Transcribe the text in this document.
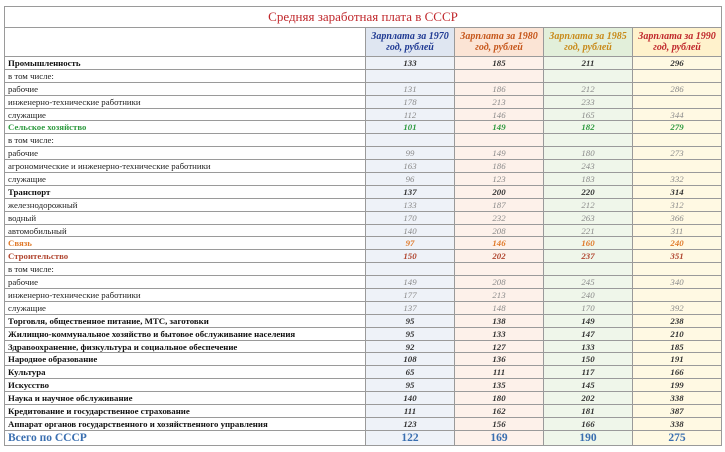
Средняя заработная плата в СССР				
	Зарплата за 1970 год, рублей	Зарплата за 1980 год, рублей	Зарплата за 1985 год, рублей	Зарплата за 1990 год, рублей
Промышленность	133	185	211	296
в том числе:				
рабочие	131	186	212	286
инженерно-технические работники	178	213	233	
служащие	112	146	165	344
Сельское хозяйство	101	149	182	279
в том числе:				
рабочие	99	149	180	273
агрономические и инженерно-технические работники	163	186	243	
служащие	96	123	183	332
Транспорт	137	200	220	314
железнодорожный	133	187	212	312
водный	170	232	263	366
автомобильный	140	208	221	311
Связь	97	146	160	240
Строительство	150	202	237	351
в том числе:				
рабочие	149	208	245	340
инженерно-технические работники	177	213	240	
служащие	137	148	170	392
Торговля, общественное питание, МТС, заготовки	95	138	149	238
Жилищно-коммунальное хозяйство и бытовое обслуживание населения	95	133	147	210
Здравоохранение, физкультура и социальное обеспечение	92	127	133	185
Народное образование	108	136	150	191
Культура	65	111	117	166
Искусство	95	135	145	199
Наука и научное обслуживание	140	180	202	338
Кредитование и государственное страхование	111	162	181	387
Аппарат органов государственного и хозяйственного управления	123	156	166	338
Всего по СССР	122	169	190	275
